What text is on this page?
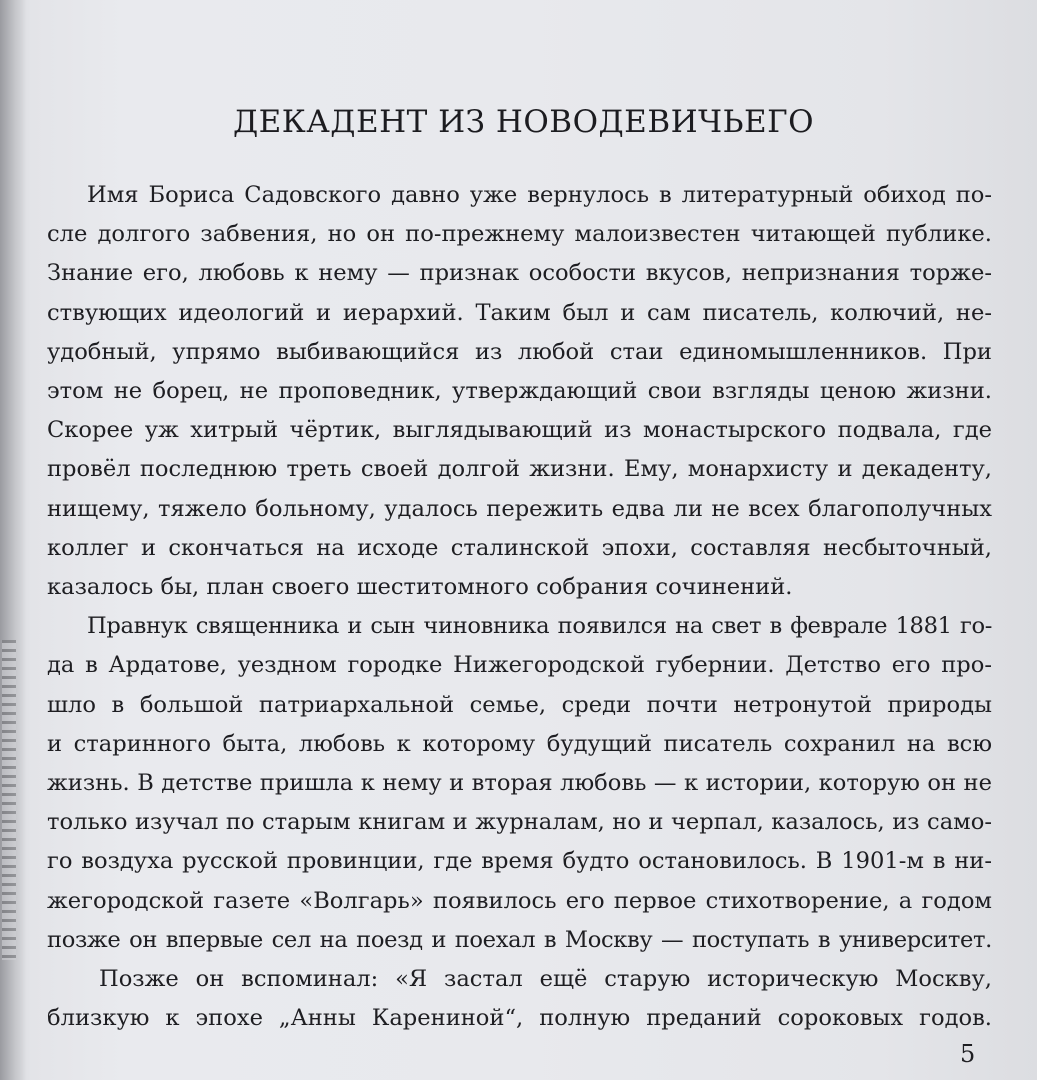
ДЕКАДЕНТ ИЗ НОВОДЕВИЧЬЕГО
Имя Бориса Садовского давно уже вернулось в литературный обиход по-
сле долгого забвения, но он по-прежнему малоизвестен читающей публике.
Знание его, любовь к нему — признак особости вкусов, непризнания торже-
ствующих идеологий и иерархий. Таким был и сам писатель, колючий, не-
удобный, упрямо выбивающийся из любой стаи единомышленников. При
этом не борец, не проповедник, утверждающий свои взгляды ценою жизни.
Скорее уж хитрый чёртик, выглядывающий из монастырского подвала, где
провёл последнюю треть своей долгой жизни. Ему, монархисту и декаденту,
нищему, тяжело больному, удалось пережить едва ли не всех благополучных
коллег и скончаться на исходе сталинской эпохи, составляя несбыточный,
казалось бы, план своего шеститомного собрания сочинений.
Правнук священника и сын чиновника появился на свет в феврале 1881 го-
да в Ардатове, уездном городке Нижегородской губернии. Детство его про-
шло в большой патриархальной семье, среди почти нетронутой природы
и старинного быта, любовь к которому будущий писатель сохранил на всю
жизнь. В детстве пришла к нему и вторая любовь — к истории, которую он не
только изучал по старым книгам и журналам, но и черпал, казалось, из само-
го воздуха русской провинции, где время будто остановилось. В 1901-м в ни-
жегородской газете «Волгарь» появилось его первое стихотворение, а годом
позже он впервые сел на поезд и поехал в Москву — поступать в университет.
Позже он вспоминал: «Я застал ещё старую историческую Москву,
близкую к эпохе „Анны Карениной“, полную преданий сороковых годов.
5
